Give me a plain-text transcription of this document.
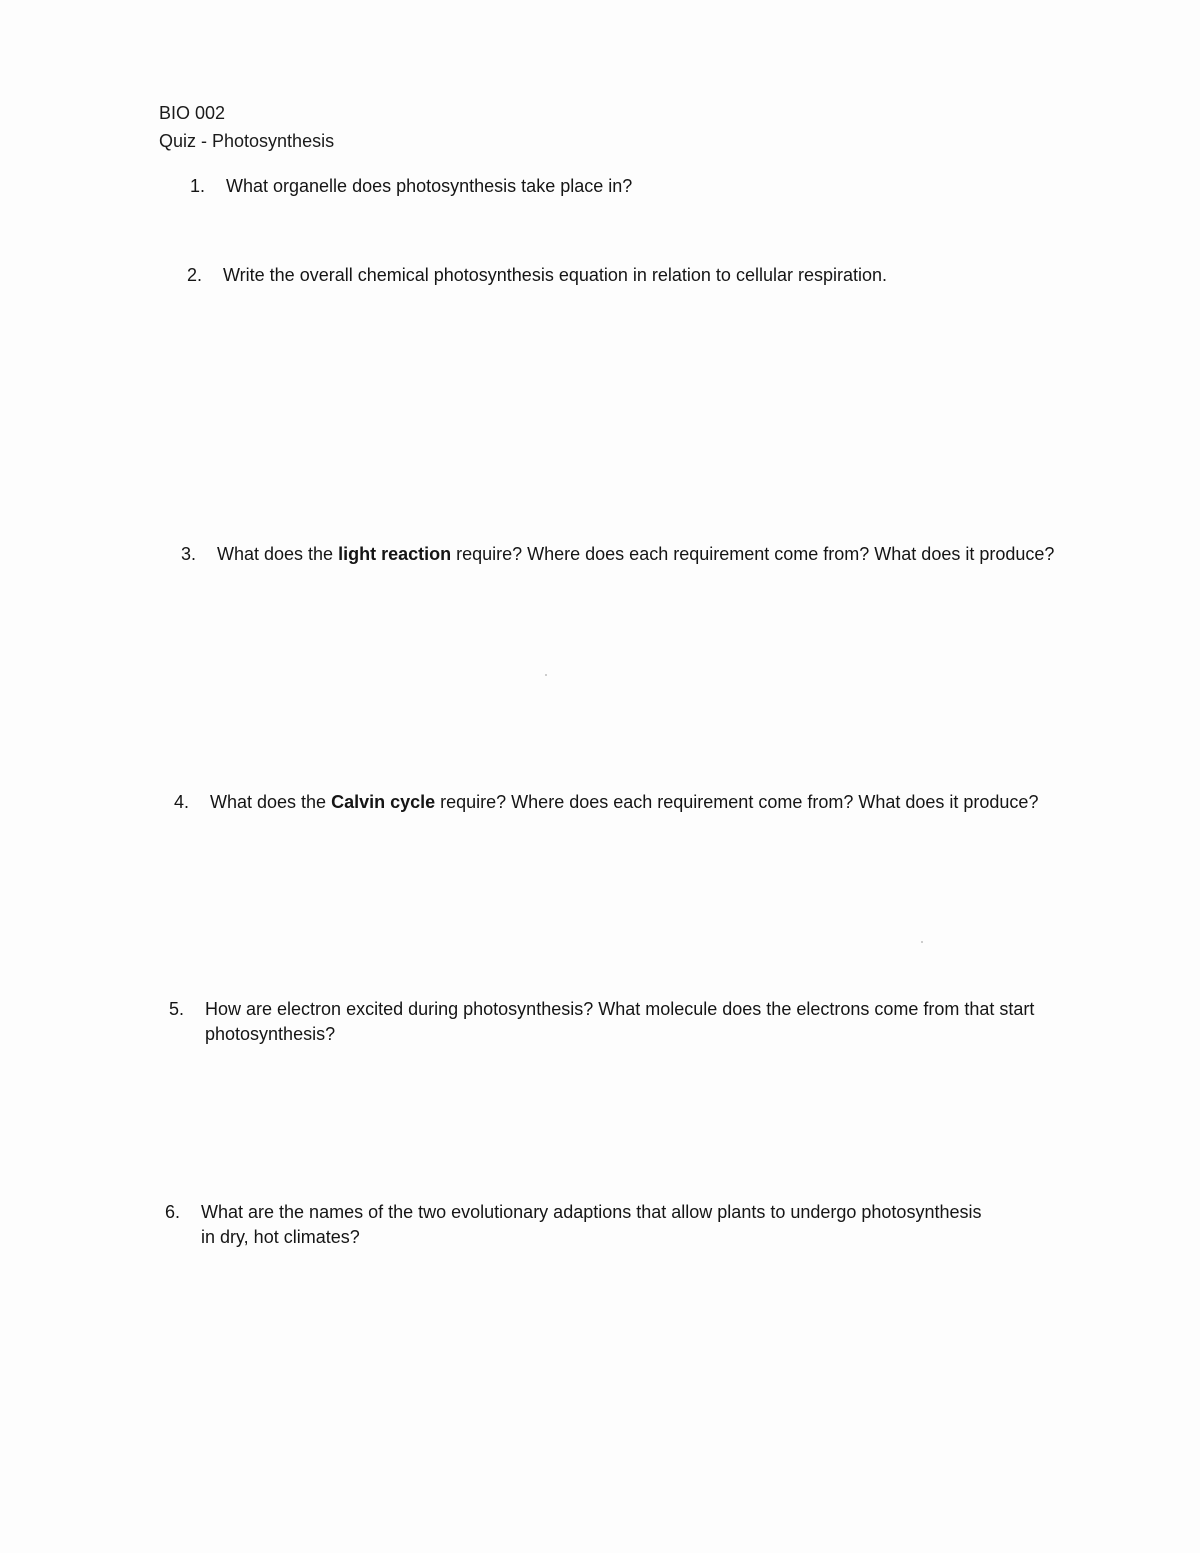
BIO 002
Quiz - Photosynthesis
1.	What organelle does photosynthesis take place in?
2.	Write the overall chemical photosynthesis equation in relation to cellular respiration.
3.	What does the light reaction require? Where does each requirement come from? What does it produce?
4.	What does the Calvin cycle require? Where does each requirement come from? What does it produce?
5.	How are electron excited during photosynthesis? What molecule does the electrons come from that start photosynthesis?
6.	What are the names of the two evolutionary adaptions that allow plants to undergo photosynthesis in dry, hot climates?
